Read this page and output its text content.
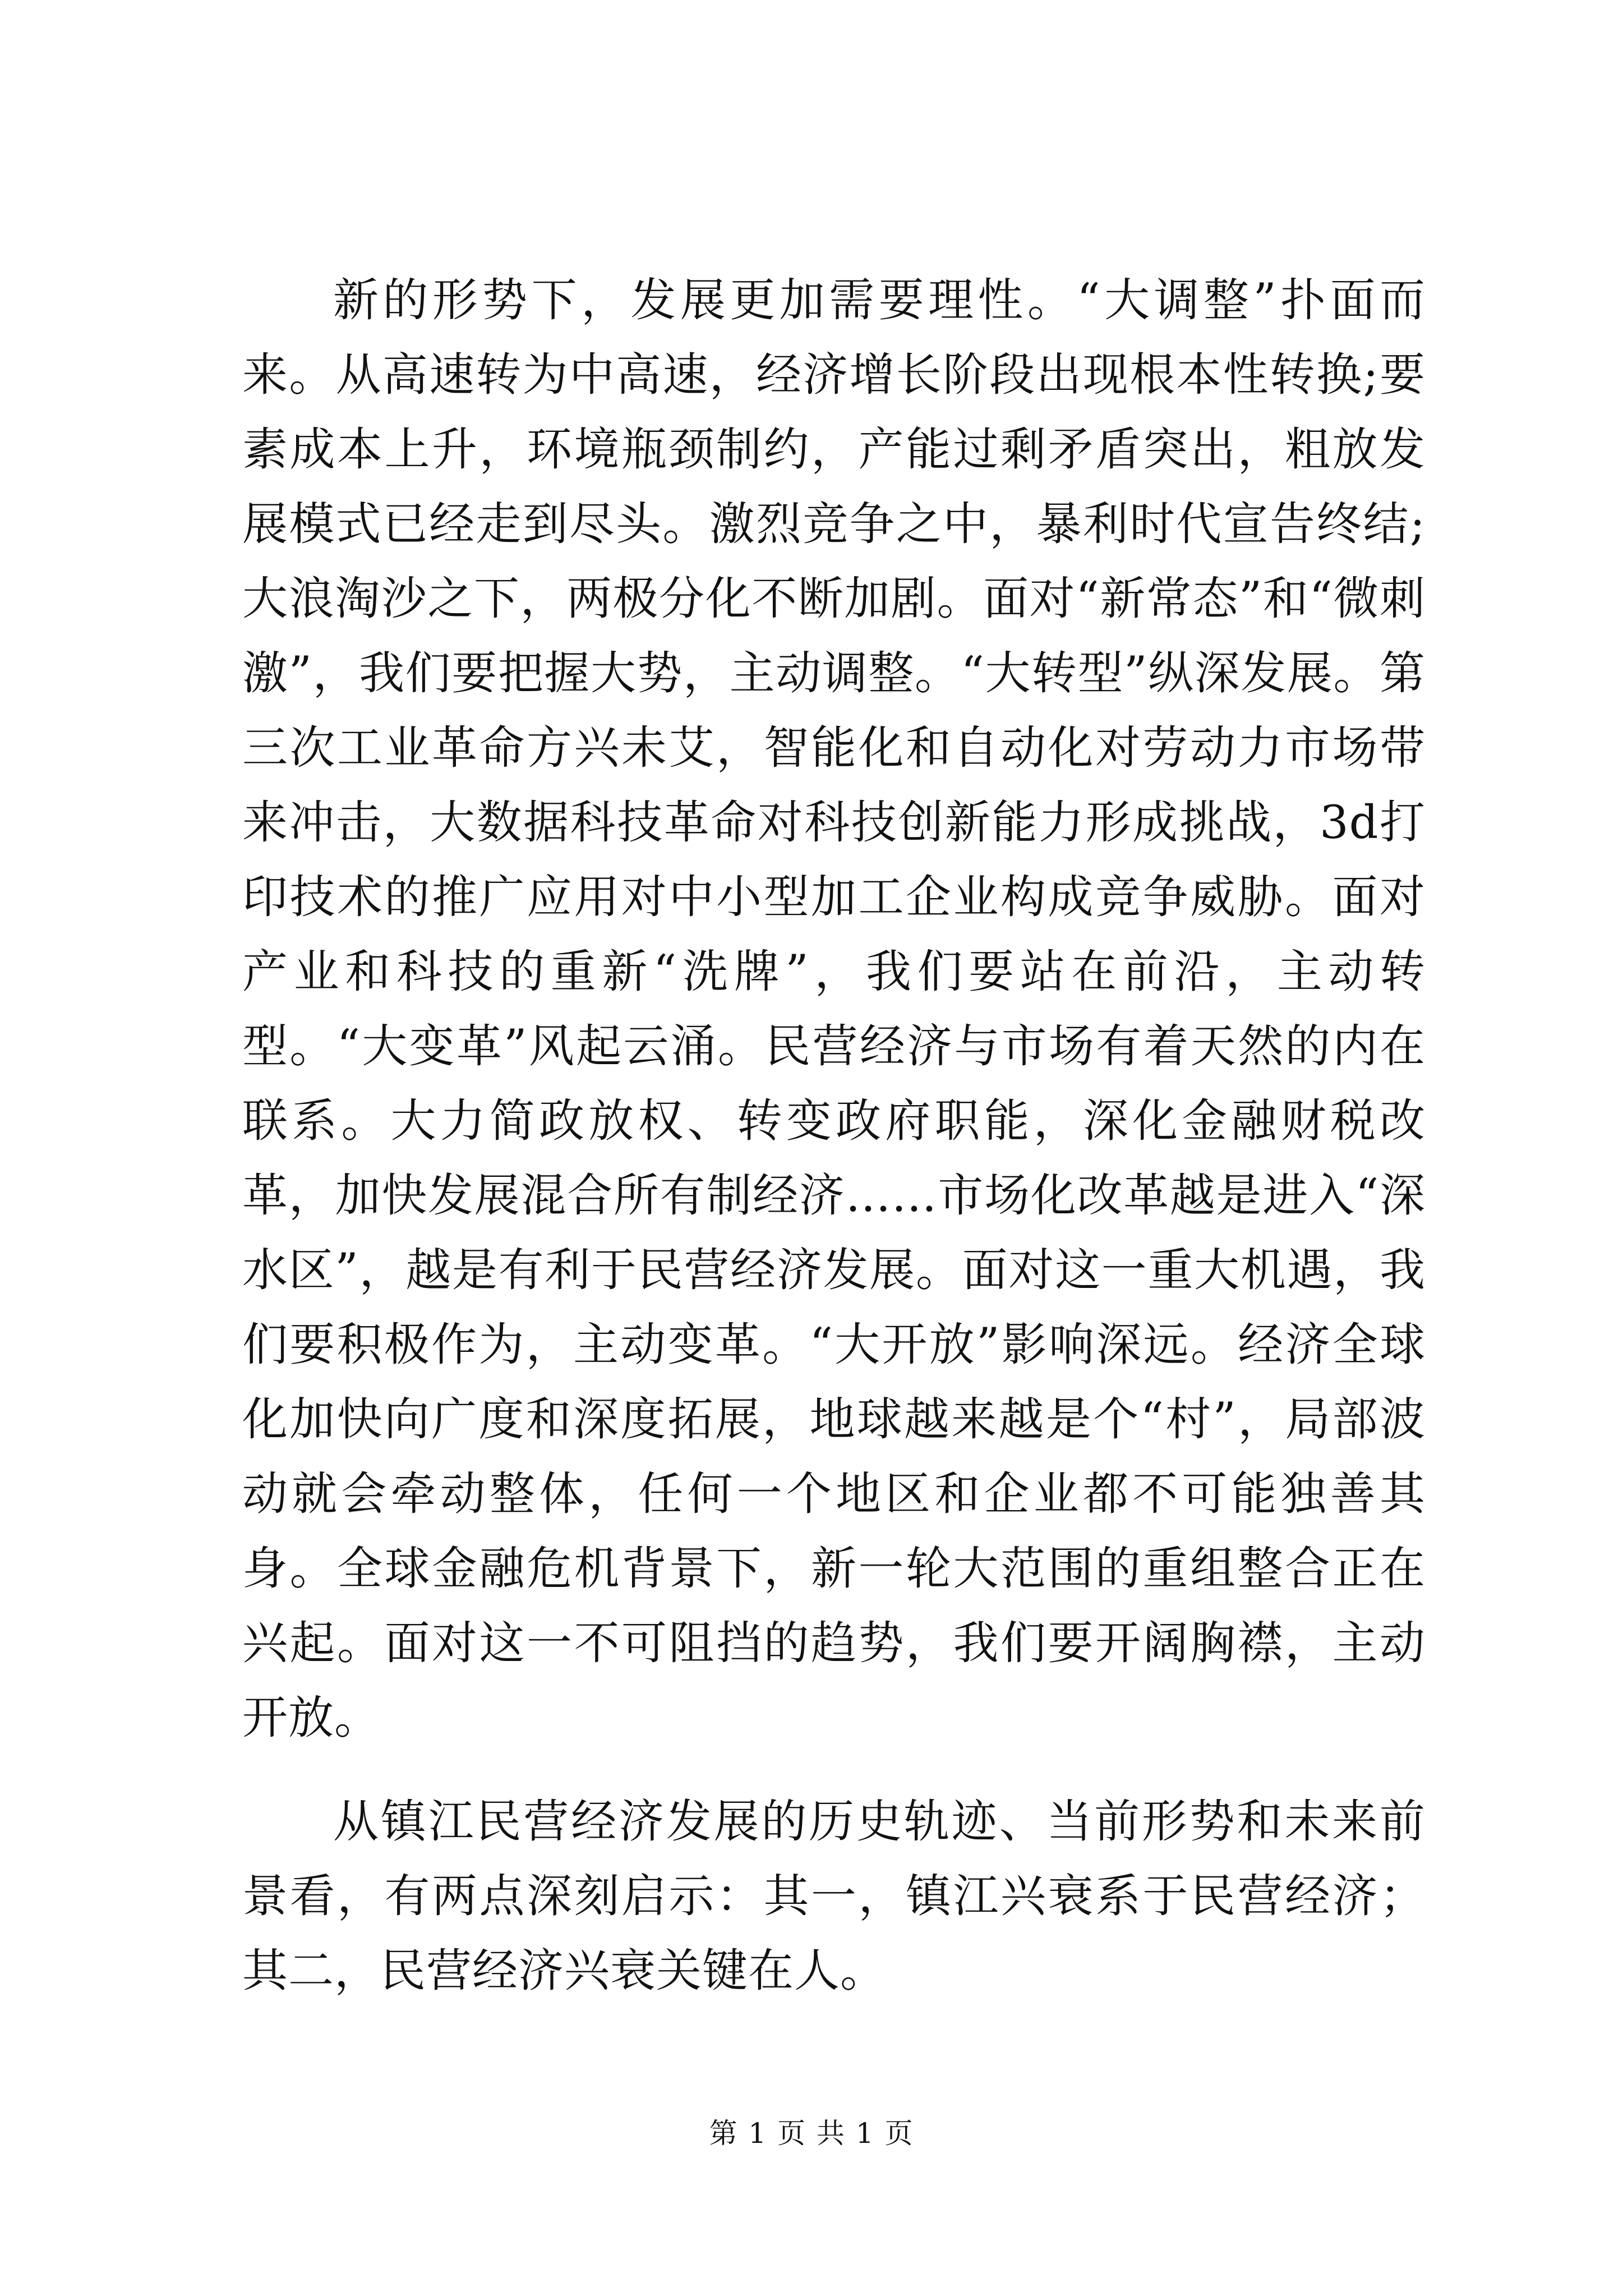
新的形势下，发展更加需要理性。“大调整”扑面而来。从高速转为中高速，经济增长阶段出现根本性转换;要素成本上升，环境瓶颈制约，产能过剩矛盾突出，粗放发展模式已经走到尽头。激烈竞争之中，暴利时代宣告终结;大浪淘沙之下，两极分化不断加剧。面对“新常态”和“微刺激”，我们要把握大势，主动调整。“大转型”纵深发展。第三次工业革命方兴未艾，智能化和自动化对劳动力市场带来冲击，大数据科技革命对科技创新能力形成挑战，3d打印技术的推广应用对中小型加工企业构成竞争威胁。面对产业和科技的重新“洗牌”，我们要站在前沿，主动转型。“大变革”风起云涌。民营经济与市场有着天然的内在联系。大力简政放权、转变政府职能，深化金融财税改革，加快发展混合所有制经济……市场化改革越是进入“深水区”，越是有利于民营经济发展。面对这一重大机遇，我们要积极作为，主动变革。“大开放”影响深远。经济全球化加快向广度和深度拓展，地球越来越是个“村”，局部波动就会牵动整体，任何一个地区和企业都不可能独善其身。全球金融危机背景下，新一轮大范围的重组整合正在兴起。面对这一不可阻挡的趋势，我们要开阔胸襟，主动开放。

从镇江民营经济发展的历史轨迹、当前形势和未来前景看，有两点深刻启示：其一，镇江兴衰系于民营经济；其二，民营经济兴衰关键在人。

第 1 页 共 1 页
